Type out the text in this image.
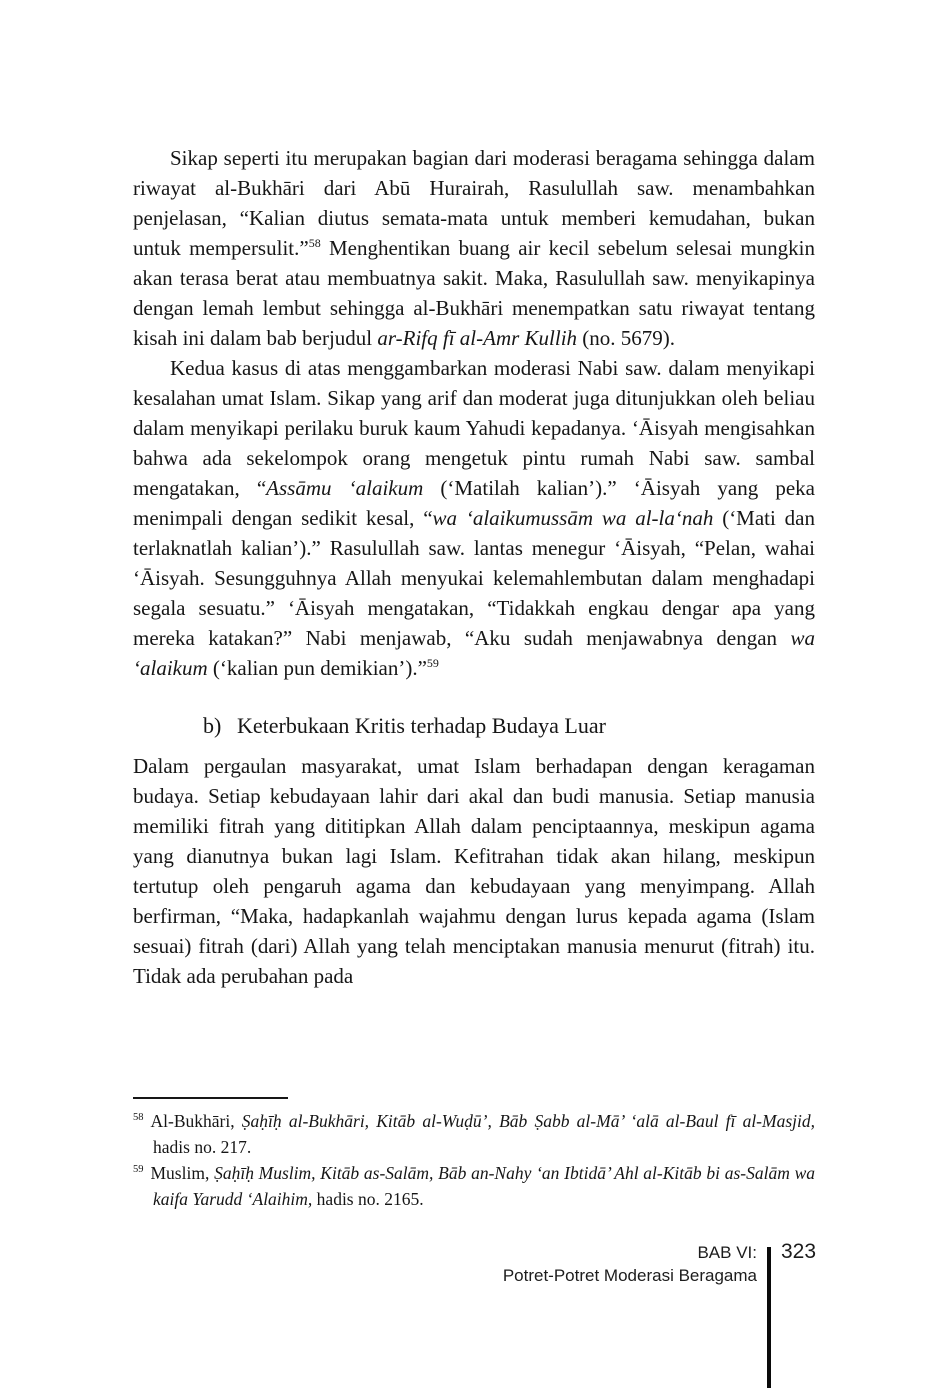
Sikap seperti itu merupakan bagian dari moderasi beragama sehingga dalam riwayat al-Bukhāri dari Abū Hurairah, Rasulullah saw. menambahkan penjelasan, “Kalian diutus semata-mata untuk memberi kemudahan, bukan untuk mempersulit.”$^{58}$ Menghentikan buang air kecil sebelum selesai mungkin akan terasa berat atau membuatnya sakit. Maka, Rasulullah saw. menyikapinya dengan lemah lembut sehingga al-Bukhāri menempatkan satu riwayat tentang kisah ini dalam bab berjudul ar-Rifq fī al-Amr Kullih (no. 5679).

Kedua kasus di atas menggambarkan moderasi Nabi saw. dalam menyikapi kesalahan umat Islam. Sikap yang arif dan moderat juga ditunjukkan oleh beliau dalam menyikapi perilaku buruk kaum Yahudi kepadanya. ‘Āisyah mengisahkan bahwa ada sekelompok orang mengetuk pintu rumah Nabi saw. sambal mengatakan, “Assāmu ‘alaikum (‘Matilah kalian’).” ‘Āisyah yang peka menimpali dengan sedikit kesal, “wa ‘alaikumussām wa al-la‘nah (‘Mati dan terlaknatlah kalian’).” Rasulullah saw. lantas menegur ‘Āisyah, “Pelan, wahai ‘Āisyah. Sesungguhnya Allah menyukai kelemahlembutan dalam menghadapi segala sesuatu.” ‘Āisyah mengatakan, “Tidakkah engkau dengar apa yang mereka katakan?” Nabi menjawab, “Aku sudah menjawabnya dengan wa ‘alaikum (‘kalian pun demikian’).”$^{59}$

b) Keterbukaan Kritis terhadap Budaya Luar

Dalam pergaulan masyarakat, umat Islam berhadapan dengan keragaman budaya. Setiap kebudayaan lahir dari akal dan budi manusia. Setiap manusia memiliki fitrah yang dititipkan Allah dalam penciptaannya, meskipun agama yang dianutnya bukan lagi Islam. Kefitrahan tidak akan hilang, meskipun tertutup oleh pengaruh agama dan kebudayaan yang menyimpang. Allah berfirman, “Maka, hadapkanlah wajahmu dengan lurus kepada agama (Islam sesuai) fitrah (dari) Allah yang telah menciptakan manusia menurut (fitrah) itu. Tidak ada perubahan pada

$^{58}$ Al-Bukhāri, Ṣaḥīḥ al-Bukhāri, Kitāb al-Wuḍū’, Bāb Ṣabb al-Mā’ ‘alā al-Baul fī al-Masjid, hadis no. 217.
$^{59}$ Muslim, Ṣaḥīḥ Muslim, Kitāb as-Salām, Bāb an-Nahy ‘an Ibtidā’ Ahl al-Kitāb bi as-Salām wa kaifa Yarudd ‘Alaihim, hadis no. 2165.
BAB VI:
Potret-Potret Moderasi Beragama
323
